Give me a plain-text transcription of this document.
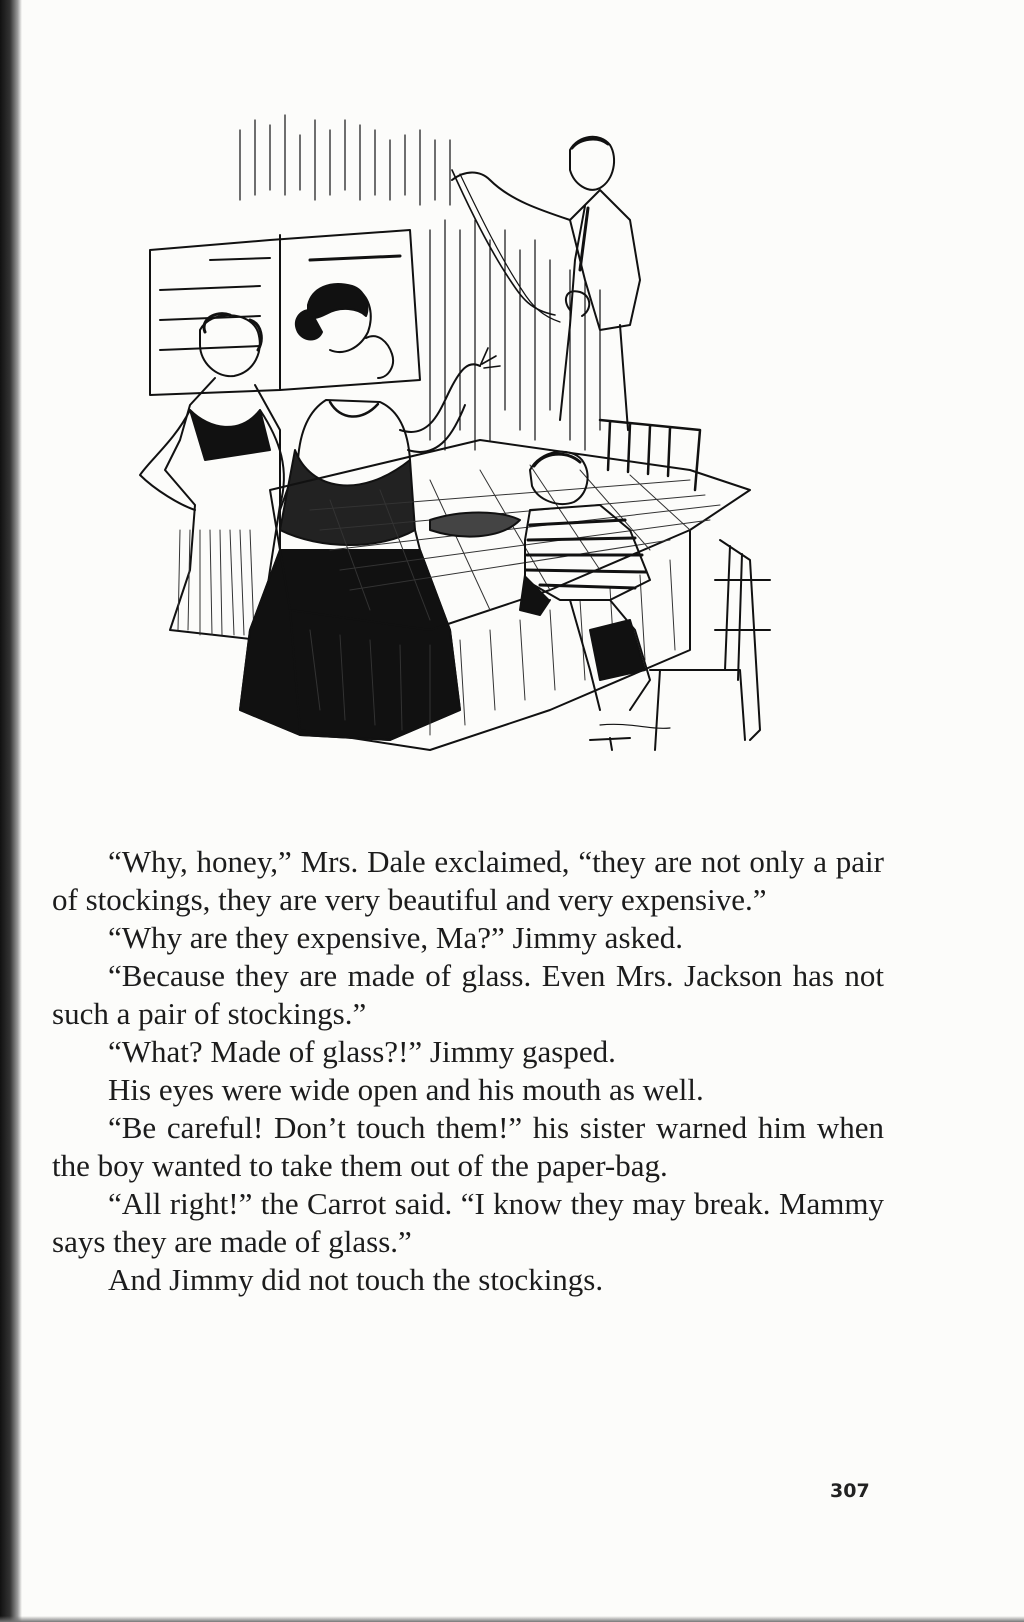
“Why, honey,” Mrs. Dale exclaimed, “they are not only a pair of stockings, they are very beautiful and very expensive.”

“Why are they expensive, Ma?” Jimmy asked.

“Because they are made of glass. Even Mrs. Jackson has not such a pair of stockings.”

“What? Made of glass?!” Jimmy gasped.

His eyes were wide open and his mouth as well.

“Be careful! Don’t touch them!” his sister warned him when the boy wanted to take them out of the paper-bag.

“All right!” the Carrot said. “I know they may break. Mammy says they are made of glass.”

And Jimmy did not touch the stockings.

307
